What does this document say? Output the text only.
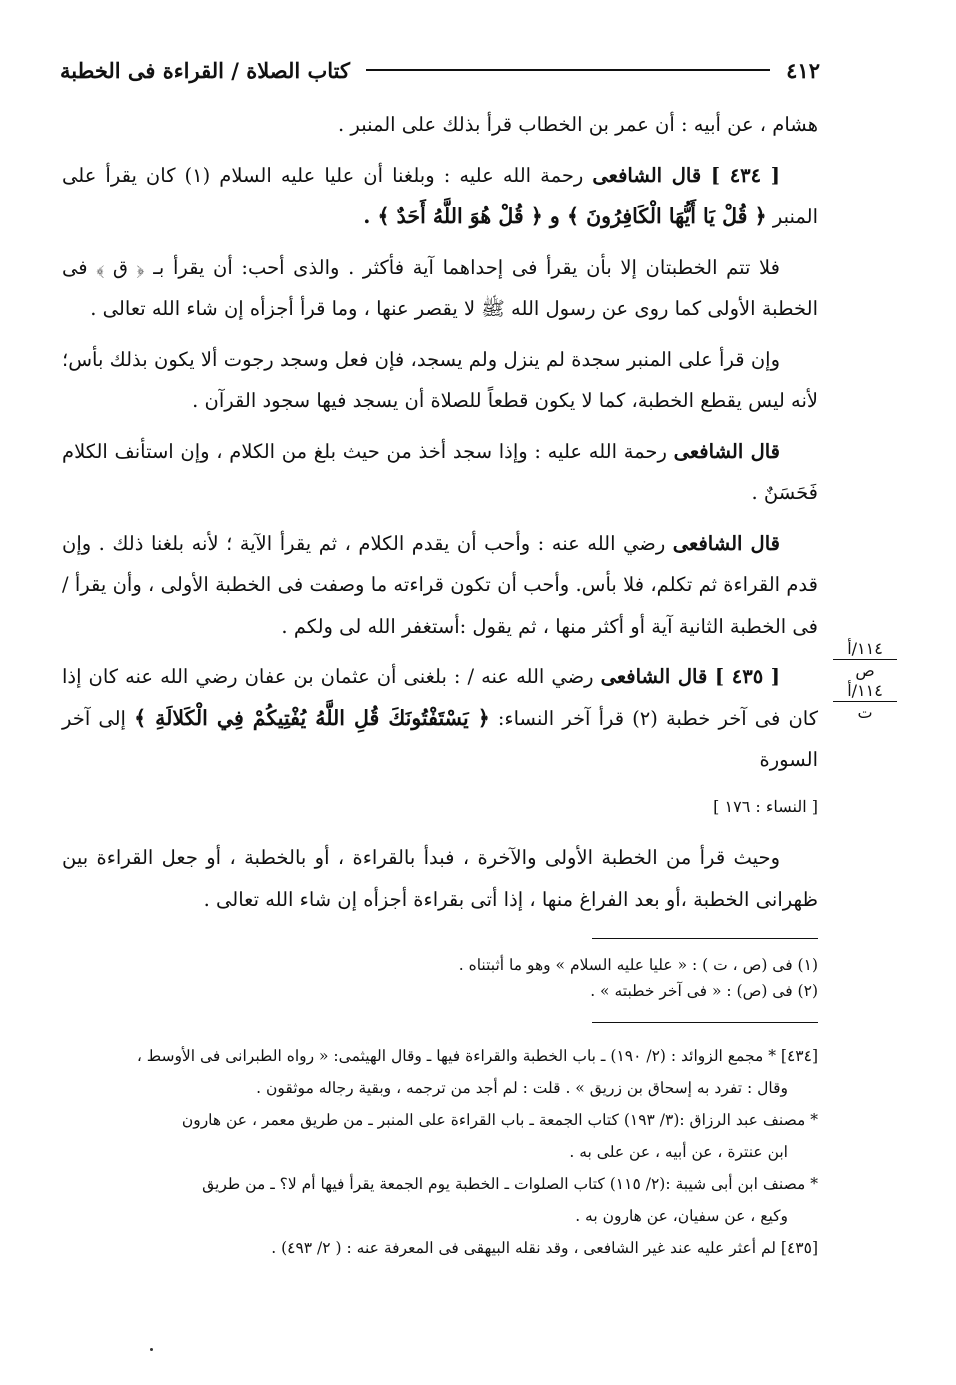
٤١٢
كتاب الصلاة / القراءة فى الخطبة

هشام ، عن أبيه : أن عمر بن الخطاب قرأ بذلك على المنبر .

[ ٤٣٤ ] قال الشافعى رحمة الله عليه : وبلغنا أن عليا عليه السلام (١) كان يقرأ على المنبر ﴿ قُلْ يَا أَيُّهَا الْكَافِرُونَ ﴾ و ﴿ قُلْ هُوَ اللَّهُ أَحَدٌ ﴾ .

فلا تتم الخطبتان إلا بأن يقرأ فى إحداهما آية فأكثر . والذى أحب: أن يقرأ بـ ﴿ ق ﴾ فى الخطبة الأولى كما روى عن رسول الله ﷺ لا يقصر عنها ، وما قرأ أجزأه إن شاء الله تعالى .

وإن قرأ على المنبر سجدة لم ينزل ولم يسجد، فإن فعل وسجد رجوت ألا يكون بذلك بأس؛ لأنه ليس يقطع الخطبة، كما لا يكون قطعاً للصلاة أن يسجد فيها سجود القرآن .

قال الشافعى رحمة الله عليه : وإذا سجد أخذ من حيث بلغ من الكلام ، وإن استأنف الكلام فَحَسَنٌ .

قال الشافعى رضي الله عنه : وأحب أن يقدم الكلام ، ثم يقرأ الآية ؛ لأنه بلغنا ذلك . وإن قدم القراءة ثم تكلم، فلا بأس. وأحب أن تكون قراءته ما وصفت فى الخطبة الأولى ، وأن يقرأ / فى الخطبة الثانية آية أو أكثر منها ، ثم يقول :أستغفر الله لى ولكم .

[ ٤٣٥ ] قال الشافعى رضي الله عنه / : بلغنى أن عثمان بن عفان رضي الله عنه كان إذا كان فى آخر خطبة (٢) قرأ آخر النساء: ﴿ يَسْتَفْتُونَكَ قُلِ اللَّهُ يُفْتِيكُمْ فِي الْكَلالَةِ ﴾ إلى آخر السورة

[ النساء : ١٧٦ ]

وحيث قرأ من الخطبة الأولى والآخرة ، فبدأ بالقراءة ، أو بالخطبة ، أو جعل القراءة بين ظهرانى الخطبة ،أو بعد الفراغ منها ، إذا أتى بقراءة أجزأه إن شاء الله تعالى .

١١٤/أ
ص
١١٤/أ
ت

(١) فى (ص ، ت ) : « عليا عليه السلام » وهو ما أثبتناه .

(٢) فى (ص) : « فى آخر خطبته » .

[٤٣٤] * مجمع الزوائد : (٢/ ١٩٠) ـ باب الخطبة والقراءة فيها ـ وقال الهيثمى: « رواه الطبرانى فى الأوسط ،

وقال : تفرد به إسحاق بن زريق » . قلت : لم أجد من ترجمه ، وبقية رجاله موثقون .

* مصنف عبد الرزاق :(٣/ ١٩٣) كتاب الجمعة ـ باب القراءة على المنبر ـ من طريق معمر ، عن هارون

ابن عنترة ، عن أبيه ، عن على به .

* مصنف ابن أبى شيبة :(٢/ ١١٥) كتاب الصلوات ـ الخطبة يوم الجمعة يقرأ فيها أم لا؟ ـ من طريق

وكيع ، عن سفيان، عن هارون به .

[٤٣٥] لم أعثر عليه عند غير الشافعى ، وقد نقله البيهقى فى المعرفة عنه : ( ٢/ ٤٩٣) .
